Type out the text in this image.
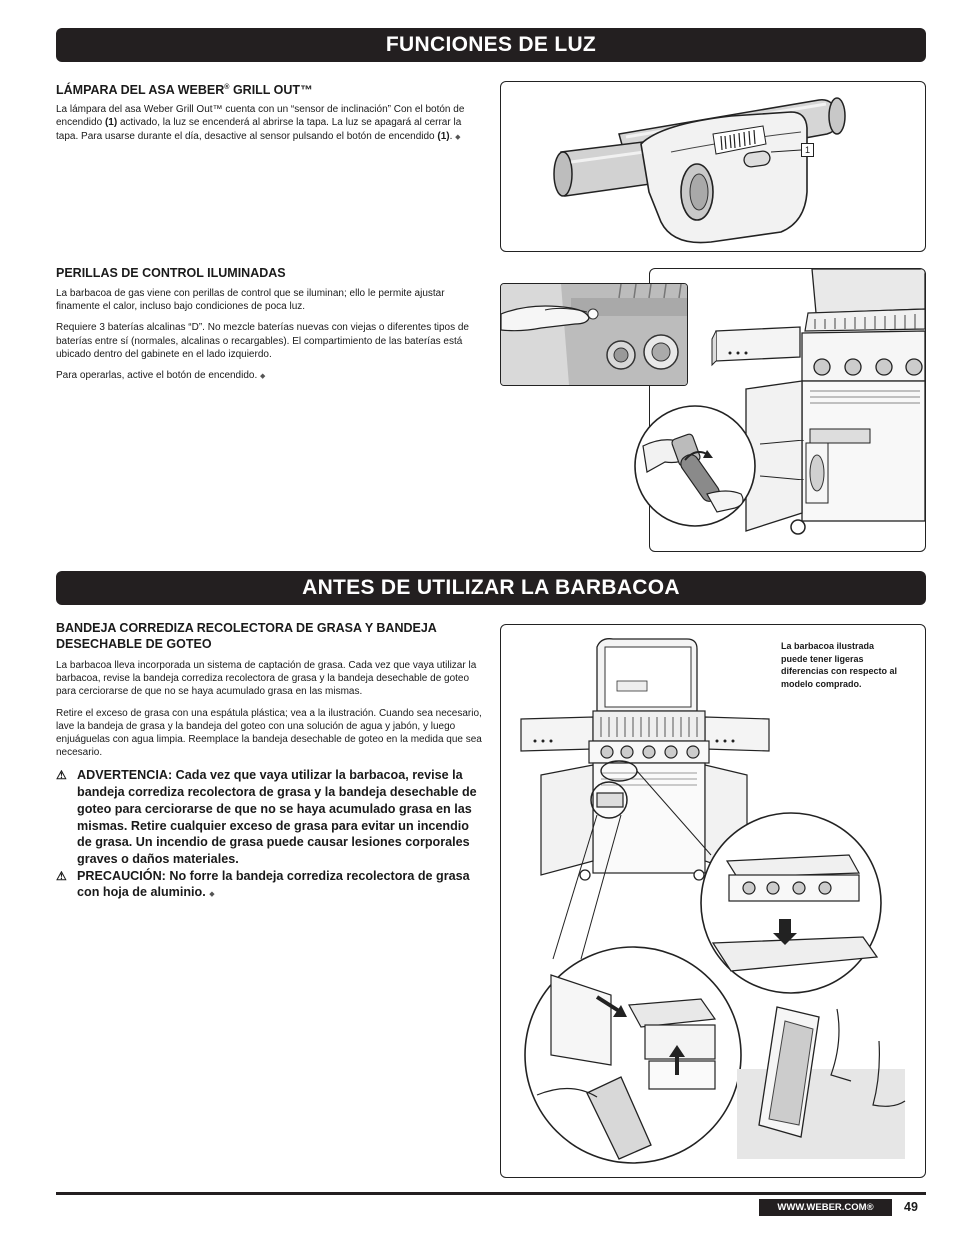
FUNCIONES DE LUZ
LÁMPARA DEL ASA WEBER® GRILL OUT™

La lámpara del asa Weber Grill Out™ cuenta con un “sensor de inclinación” Con el botón de encendido (1) activado, la luz se encenderá al abrirse la tapa. La luz se apagará al cerrar la tapa. Para usarse durante el día, desactive al sensor pulsando el botón de encendido (1). ◆

1
PERILLAS DE CONTROL ILUMINADAS

La barbacoa de gas viene con perillas de control que se iluminan; ello le permite ajustar finamente el calor, incluso bajo condiciones de poca luz.

Requiere 3 baterías alcalinas “D”. No mezcle baterías nuevas con viejas o diferentes tipos de baterías entre sí (normales, alcalinas o recargables). El compartimiento de las baterías está ubicado dentro del gabinete en el lado izquierdo.

Para operarlas, active el botón de encendido. ◆

ANTES DE UTILIZAR LA BARBACOA
BANDEJA CORREDIZA RECOLECTORA DE GRASA Y BANDEJA DESECHABLE DE GOTEO

La barbacoa lleva incorporada un sistema de captación de grasa. Cada vez que vaya utilizar la barbacoa, revise la bandeja corrediza recolectora de grasa y la bandeja desechable de goteo para cerciorarse de que no se haya acumulado grasa en las mismas.

Retire el exceso de grasa con una espátula plástica; vea a la ilustración. Cuando sea necesario, lave la bandeja de grasa y la bandeja del goteo con una solución de agua y jabón, y luego enjuáguelas con agua limpia. Reemplace la bandeja desechable de goteo en la medida que sea necesario.

⚠ ADVERTENCIA: Cada vez que vaya utilizar la barbacoa, revise la bandeja corrediza recolectora de grasa y la bandeja desechable de goteo para cerciorarse de que no se haya acumulado grasa en las mismas. Retire cualquier exceso de grasa para evitar un incendio de grasa. Un incendio de grasa puede causar lesiones corporales graves o daños materiales.
⚠ PRECAUCIÓN: No forre la bandeja corrediza recolectora de grasa con hoja de aluminio. ◆
La barbacoa ilustrada puede tener ligeras diferencias con respecto al modelo comprado.
WWW.WEBER.COM®	49
